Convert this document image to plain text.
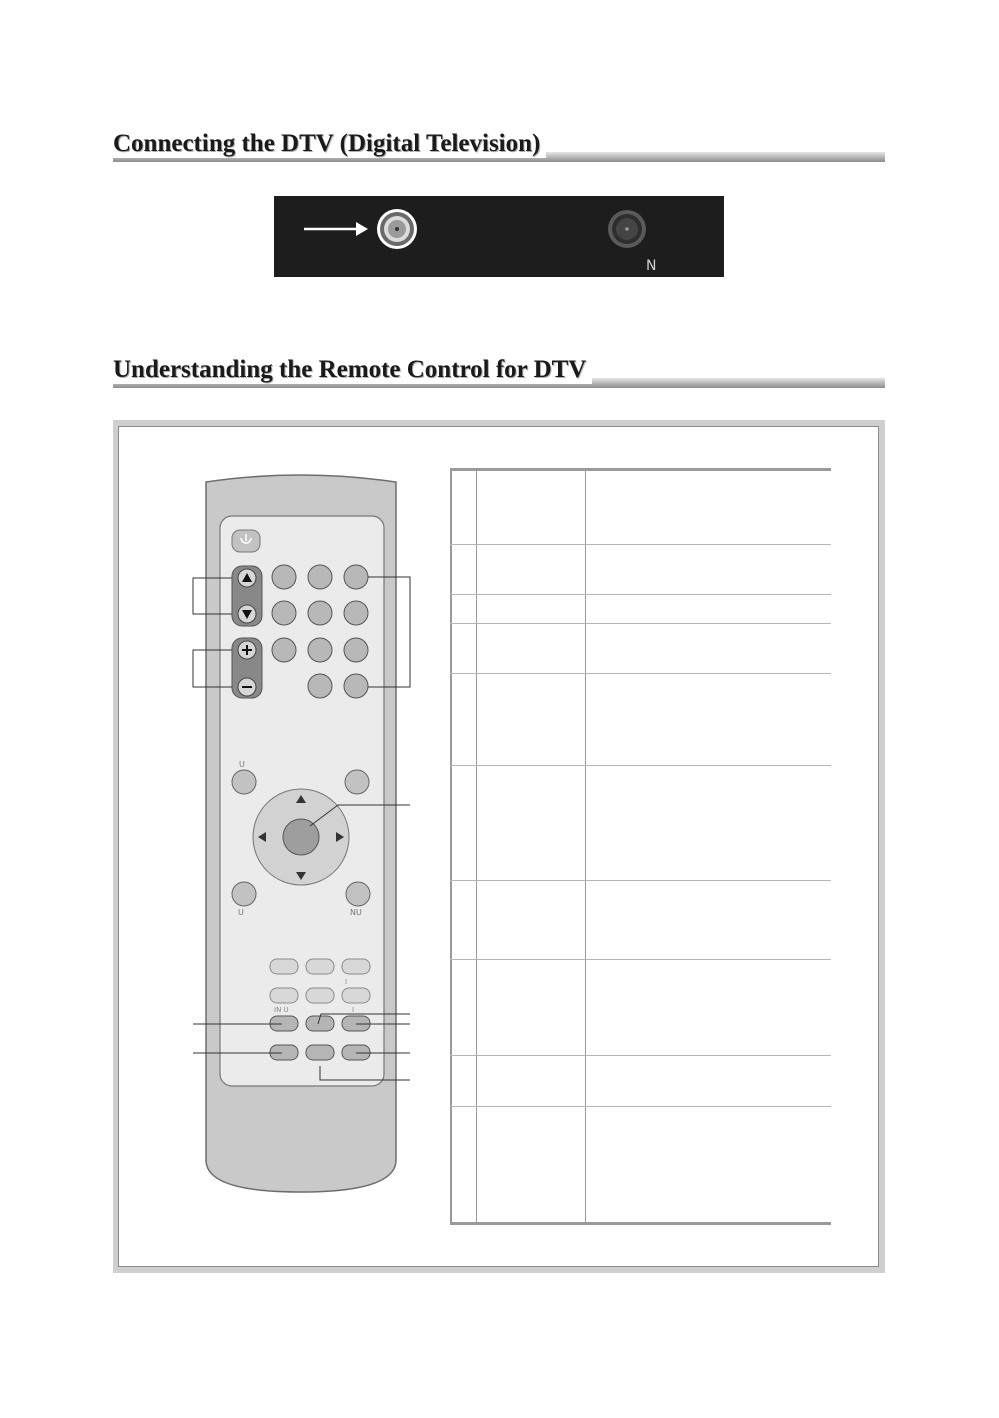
Connecting the DTV (Digital Television)
N
Understanding the Remote Control for DTV
U
U	NU
I
IN U	I
